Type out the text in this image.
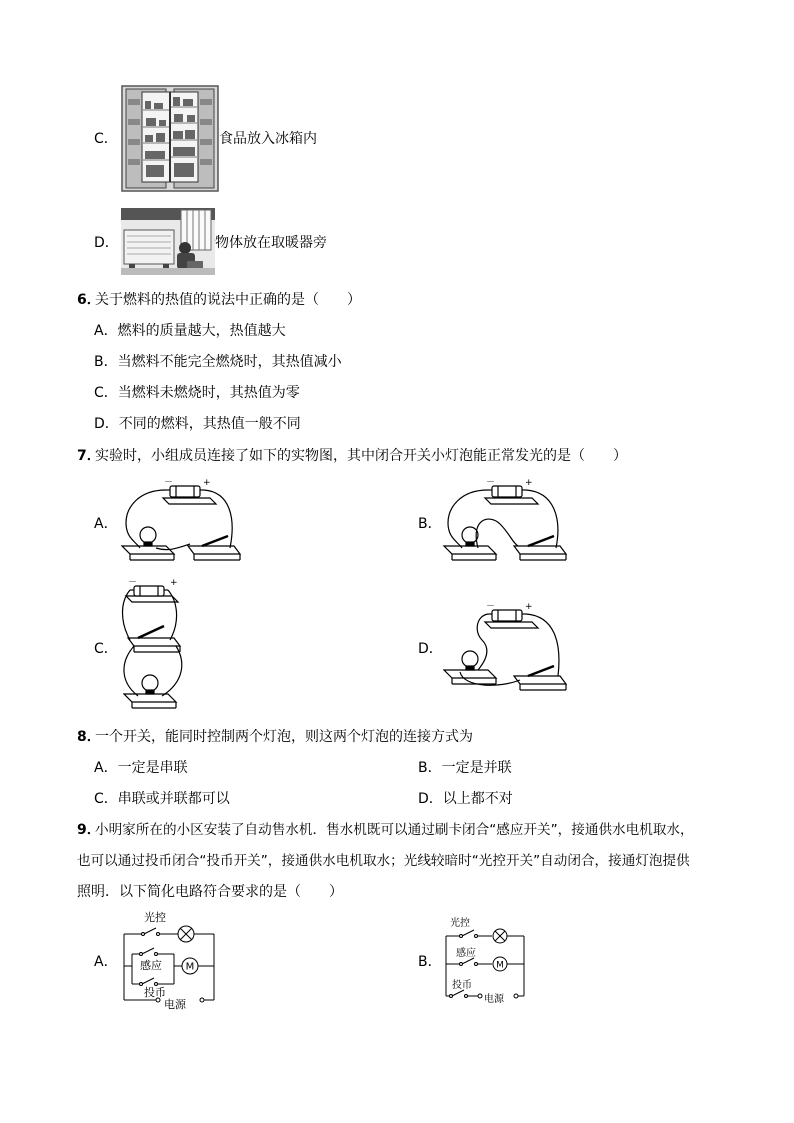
C．	食品放入冰箱内
D．	物体放在取暖器旁
6．
关于燃料的热值的说法中正确的是（　　）
A．燃料的质量越大，热值越大
B．当燃料不能完全燃烧时，其热值减小
C．当燃料未燃烧时，其热值为零
D．不同的燃料，其热值一般不同
7．
实验时，小组成员连接了如下的实物图，其中闭合开关小灯泡能正常发光的是（　　）
A．	B．
C．	D．
－	+	－	+
－	+
－	+
8．
一个开关，能同时控制两个灯泡，则这两个灯泡的连接方式为
A．一定是串联	B．一定是并联
C．串联或并联都可以	D．以上都不对
9．
小明家所在的小区安装了自动售水机．售水机既可以通过刷卡闭合“感应开关”，接通供水电机取水，
也可以通过投币闭合“投币开关”，接通供水电机取水；光线较暗时“光控开关”自动闭合，接通灯泡提供
照明．以下简化电路符合要求的是（　　）
A．	B．
M
光控
感应
投币
电源
M
光控
感应
投币
电源
